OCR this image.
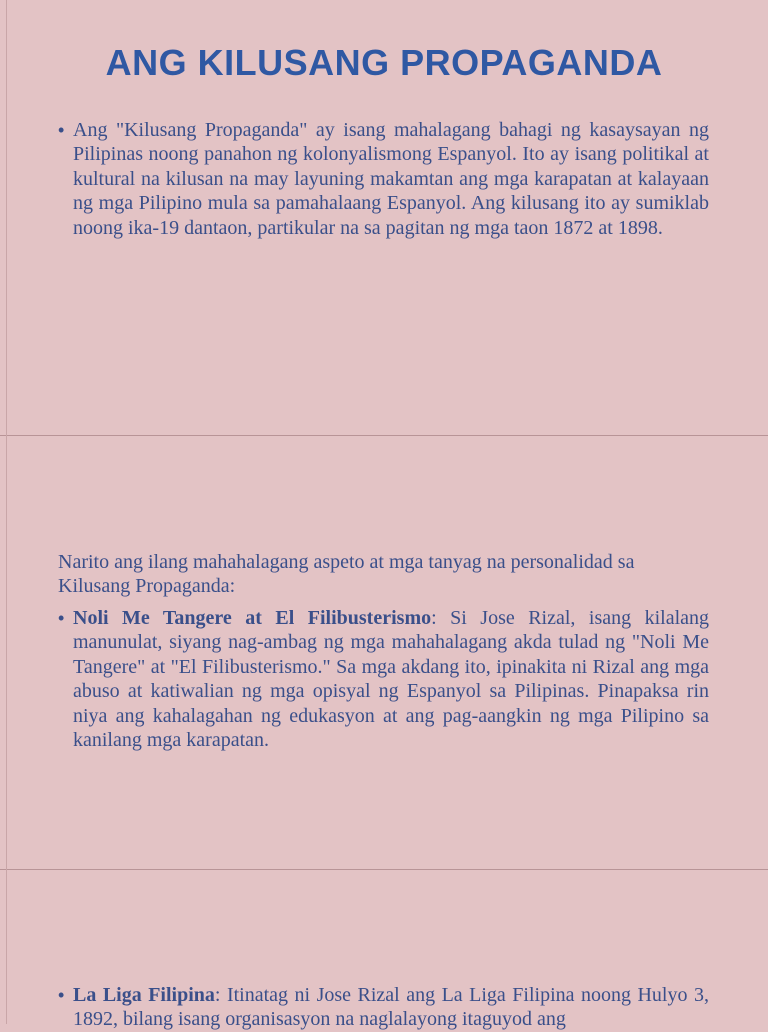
ANG KILUSANG PROPAGANDA
• Ang "Kilusang Propaganda" ay isang mahalagang bahagi ng kasaysayan ng Pilipinas noong panahon ng kolonyalismong Espanyol. Ito ay isang politikal at kultural na kilusan na may layuning makamtan ang mga karapatan at kalayaan ng mga Pilipino mula sa pamahalaang Espanyol. Ang kilusang ito ay sumiklab noong ika-19 dantaon, partikular na sa pagitan ng mga taon 1872 at 1898.

Narito ang ilang mahahalagang aspeto at mga tanyag na personalidad sa Kilusang Propaganda:

• Noli Me Tangere at El Filibusterismo: Si Jose Rizal, isang kilalang manunulat, siyang nag-ambag ng mga mahahalagang akda tulad ng "Noli Me Tangere" at "El Filibusterismo." Sa mga akdang ito, ipinakita ni Rizal ang mga abuso at katiwalian ng mga opisyal ng Espanyol sa Pilipinas. Pinapaksa rin niya ang kahalagahan ng edukasyon at ang pag-aangkin ng mga Pilipino sa kanilang mga karapatan.
• La Liga Filipina: Itinatag ni Jose Rizal ang La Liga Filipina noong Hulyo 3, 1892, bilang isang organisasyon na naglalayong itaguyod ang
